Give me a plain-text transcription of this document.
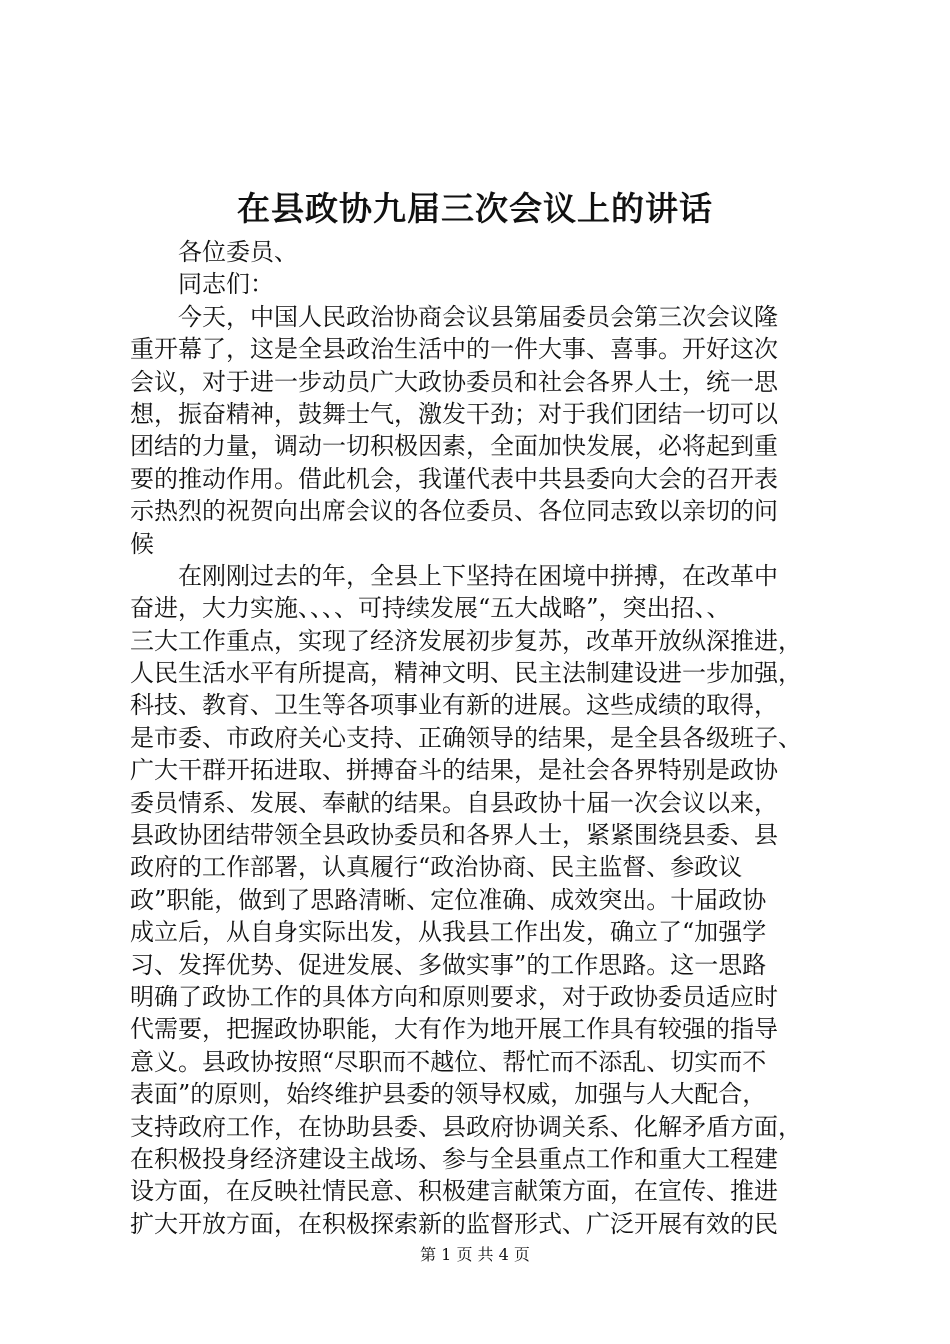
在县政协九届三次会议上的讲话
各位委员、
同志们：
今天，中国人民政治协商会议县第届委员会第三次会议隆
重开幕了，这是全县政治生活中的一件大事、喜事。开好这次
会议，对于进一步动员广大政协委员和社会各界人士，统一思
想，振奋精神，鼓舞士气，激发干劲；对于我们团结一切可以
团结的力量，调动一切积极因素，全面加快发展，必将起到重
要的推动作用。借此机会，我谨代表中共县委向大会的召开表
示热烈的祝贺向出席会议的各位委员、各位同志致以亲切的问
候
在刚刚过去的年，全县上下坚持在困境中拼搏，在改革中
奋进，大力实施、、、、可持续发展“五大战略”，突出招、、
三大工作重点，实现了经济发展初步复苏，改革开放纵深推进，
人民生活水平有所提高，精神文明、民主法制建设进一步加强，
科技、教育、卫生等各项事业有新的进展。这些成绩的取得，
是市委、市政府关心支持、正确领导的结果，是全县各级班子、
广大干群开拓进取、拼搏奋斗的结果，是社会各界特别是政协
委员情系、发展、奉献的结果。自县政协十届一次会议以来，
县政协团结带领全县政协委员和各界人士，紧紧围绕县委、县
政府的工作部署，认真履行“政治协商、民主监督、参政议
政”职能，做到了思路清晰、定位准确、成效突出。十届政协
成立后，从自身实际出发，从我县工作出发，确立了“加强学
习、发挥优势、促进发展、多做实事”的工作思路。这一思路
明确了政协工作的具体方向和原则要求，对于政协委员适应时
代需要，把握政协职能，大有作为地开展工作具有较强的指导
意义。县政协按照“尽职而不越位、帮忙而不添乱、切实而不
表面”的原则，始终维护县委的领导权威，加强与人大配合，
支持政府工作，在协助县委、县政府协调关系、化解矛盾方面，
在积极投身经济建设主战场、参与全县重点工作和重大工程建
设方面，在反映社情民意、积极建言献策方面，在宣传、推进
扩大开放方面，在积极探索新的监督形式、广泛开展有效的民
第 1 页 共 4 页
